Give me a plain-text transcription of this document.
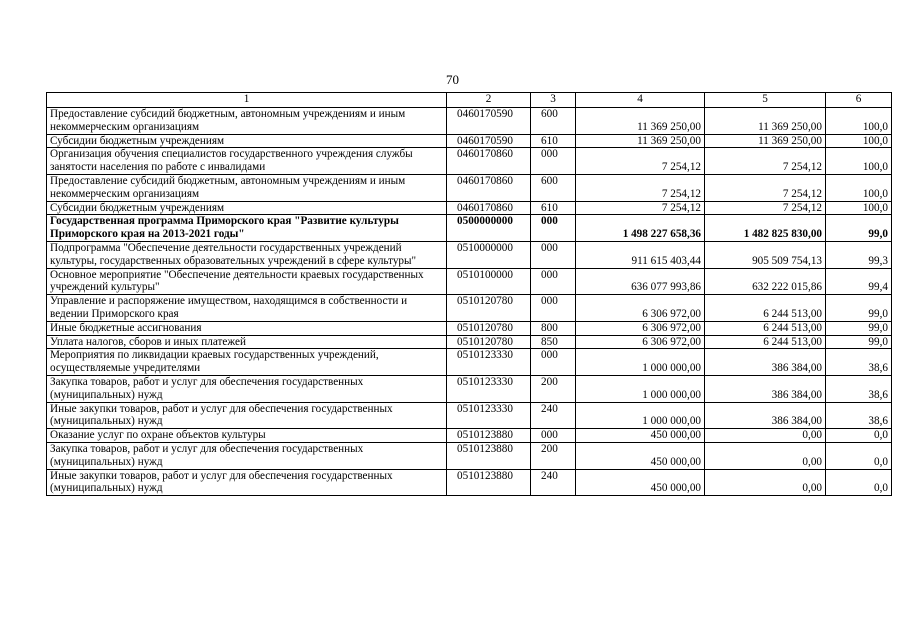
70
1	2	3	4	5	6
Предоставление субсидий бюджетным, автономным учреждениям и иным некоммерческим организациям	0460170590	600	11 369 250,00	11 369 250,00	100,0
Субсидии бюджетным учреждениям	0460170590	610	11 369 250,00	11 369 250,00	100,0
Организация обучения специалистов государственного учреждения службы занятости населения по работе с инвалидами	0460170860	000	7 254,12	7 254,12	100,0
Предоставление субсидий бюджетным, автономным учреждениям и иным некоммерческим организациям	0460170860	600	7 254,12	7 254,12	100,0
Субсидии бюджетным учреждениям	0460170860	610	7 254,12	7 254,12	100,0
Государственная программа Приморского края "Развитие культуры Приморского края на 2013-2021 годы"	0500000000	000	1 498 227 658,36	1 482 825 830,00	99,0
Подпрограмма "Обеспечение деятельности государственных учреждений культуры, государственных образовательных учреждений в сфере культуры"	0510000000	000	911 615 403,44	905 509 754,13	99,3
Основное мероприятие "Обеспечение деятельности краевых государственных учреждений культуры"	0510100000	000	636 077 993,86	632 222 015,86	99,4
Управление и распоряжение имуществом, находящимся в собственности и ведении Приморского края	0510120780	000	6 306 972,00	6 244 513,00	99,0
Иные бюджетные ассигнования	0510120780	800	6 306 972,00	6 244 513,00	99,0
Уплата налогов, сборов и иных платежей	0510120780	850	6 306 972,00	6 244 513,00	99,0
Мероприятия по ликвидации краевых государственных учреждений, осуществляемые учредителями	0510123330	000	1 000 000,00	386 384,00	38,6
Закупка товаров, работ и услуг для обеспечения государственных (муниципальных) нужд	0510123330	200	1 000 000,00	386 384,00	38,6
Иные закупки товаров, работ и услуг для обеспечения государственных (муниципальных) нужд	0510123330	240	1 000 000,00	386 384,00	38,6
Оказание услуг по охране объектов культуры	0510123880	000	450 000,00	0,00	0,0
Закупка товаров, работ и услуг для обеспечения государственных (муниципальных) нужд	0510123880	200	450 000,00	0,00	0,0
Иные закупки товаров, работ и услуг для обеспечения государственных (муниципальных) нужд	0510123880	240	450 000,00	0,00	0,0
